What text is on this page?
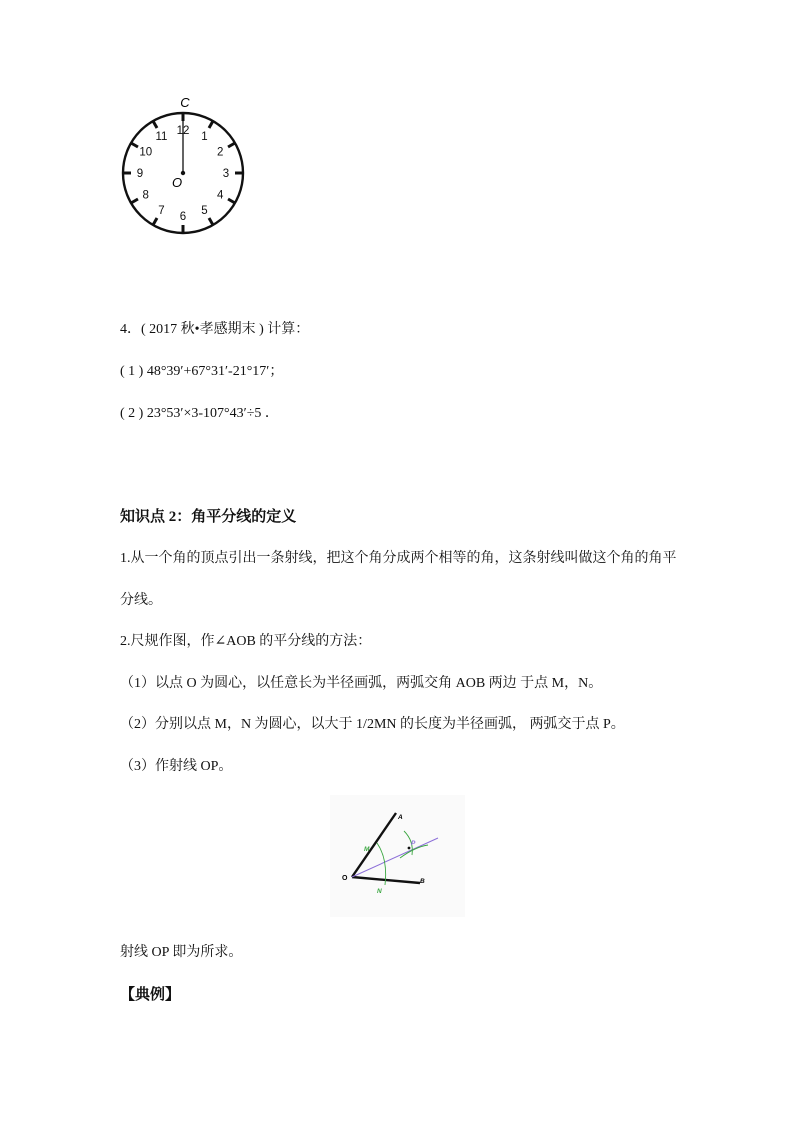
12 1
2
3
4
5
6
7
8
9
10
11
C
O
4．( 2017 秋•孝感期末 ) 计算：
( 1 ) 48°39′+67°31′-21°17′；
( 2 ) 23°53′×3-107°43′÷5 ．
知识点 2：角平分线的定义
1.从一个角的顶点引出一条射线，把这个角分成两个相等的角，这条射线叫做这个角的角平
分线。
2.尺规作图，作∠AOB 的平分线的方法：
（1）以点 O 为圆心，以任意长为半径画弧，两弧交角 AOB 两边 于点 M，N。
（2）分别以点 M，N 为圆心，以大于 1/2MN 的长度为半径画弧， 两弧交于点 P。
（3）作射线 OP。
O
A
B
M
N
P
射线 OP 即为所求。
【典例】
